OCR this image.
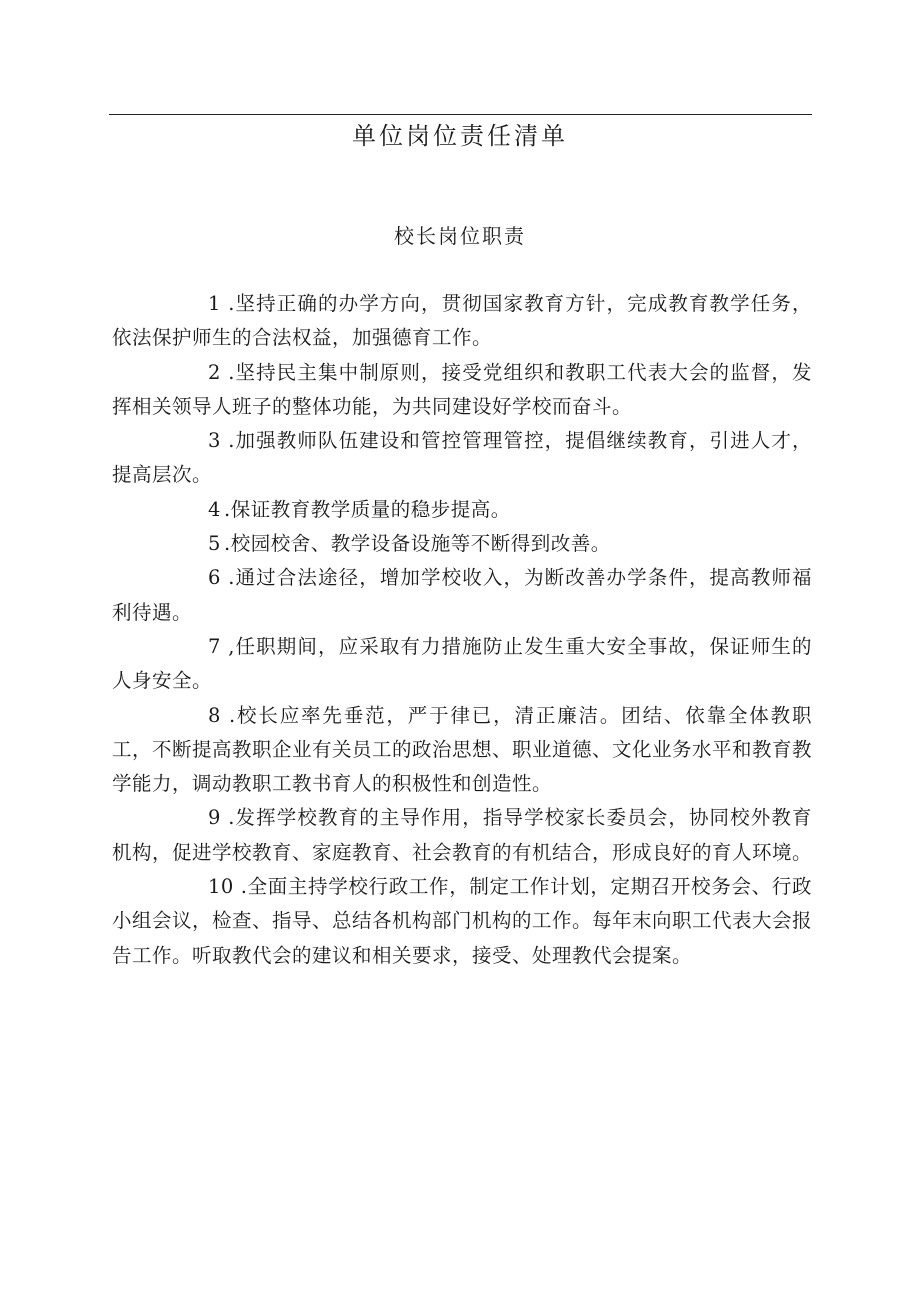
单位岗位责任清单
校长岗位职责

1 .坚持正确的办学方向，贯彻国家教育方针，完成教育教学任务，依法保护师生的合法权益，加强德育工作。

2 .坚持民主集中制原则，接受党组织和教职工代表大会的监督，发挥相关领导人班子的整体功能，为共同建设好学校而奋斗。

3 .加强教师队伍建设和管控管理管控，提倡继续教育，引进人才，提高层次。

4 .保证教育教学质量的稳步提高。

5 .校园校舍、教学设备设施等不断得到改善。

6 .通过合法途径，增加学校收入，为断改善办学条件，提高教师福利待遇。

7 ,任职期间，应采取有力措施防止发生重大安全事故，保证师生的人身安全。

8 .校长应率先垂范，严于律已，清正廉洁。团结、依靠全体教职工，不断提高教职企业有关员工的政治思想、职业道德、文化业务水平和教育教学能力，调动教职工教书育人的积极性和创造性。

9 .发挥学校教育的主导作用，指导学校家长委员会，协同校外教育机构，促进学校教育、家庭教育、社会教育的有机结合，形成良好的育人环境。

10 .全面主持学校行政工作，制定工作计划，定期召开校务会、行政小组会议，检查、指导、总结各机构部门机构的工作。每年末向职工代表大会报告工作。听取教代会的建议和相关要求，接受、处理教代会提案。
